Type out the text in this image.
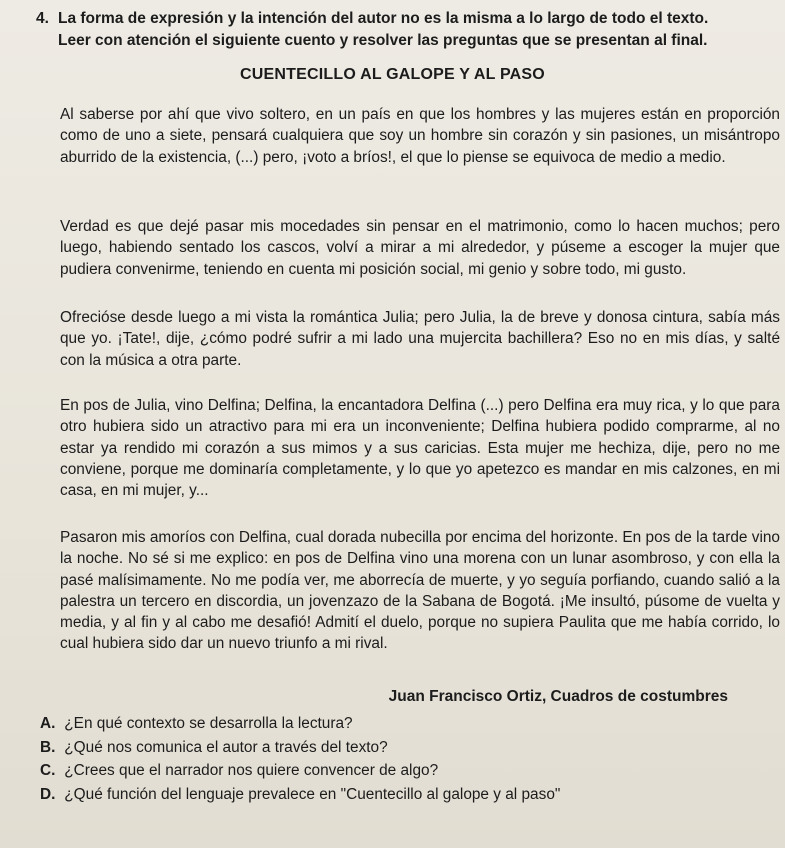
4. La forma de expresión y la intención del autor no es la misma a lo largo de todo el texto.
Leer con atención el siguiente cuento y resolver las preguntas que se presentan al final.
CUENTECILLO AL GALOPE Y AL PASO
Al saberse por ahí que vivo soltero, en un país en que los hombres y las mujeres están en proporción como de uno a siete, pensará cualquiera que soy un hombre sin corazón y sin pasiones, un misántropo aburrido de la existencia, (...) pero, ¡voto a bríos!, el que lo piense se equivoca de medio a medio.
Verdad es que dejé pasar mis mocedades sin pensar en el matrimonio, como lo hacen muchos; pero luego, habiendo sentado los cascos, volví a mirar a mi alrededor, y púseme a escoger la mujer que pudiera convenirme, teniendo en cuenta mi posición social, mi genio y sobre todo, mi gusto.
Ofrecióse desde luego a mi vista la romántica Julia; pero Julia, la de breve y donosa cintura, sabía más que yo. ¡Tate!, dije, ¿cómo podré sufrir a mi lado una mujercita bachillera? Eso no en mis días, y salté con la música a otra parte.
En pos de Julia, vino Delfina; Delfina, la encantadora Delfina (...) pero Delfina era muy rica, y lo que para otro hubiera sido un atractivo para mi era un inconveniente; Delfina hubiera podido comprarme, al no estar ya rendido mi corazón a sus mimos y a sus caricias. Esta mujer me hechiza, dije, pero no me conviene, porque me dominaría completamente, y lo que yo apetezco es mandar en mis calzones, en mi casa, en mi mujer, y...
Pasaron mis amoríos con Delfina, cual dorada nubecilla por encima del horizonte. En pos de la tarde vino la noche. No sé si me explico: en pos de Delfina vino una morena con un lunar asombroso, y con ella la pasé malísimamente. No me podía ver, me aborrecía de muerte, y yo seguía porfiando, cuando salió a la palestra un tercero en discordia, un jovenzazo de la Sabana de Bogotá. ¡Me insultó, púsome de vuelta y media, y al fin y al cabo me desafió! Admití el duelo, porque no supiera Paulita que me había corrido, lo cual hubiera sido dar un nuevo triunfo a mi rival.
Juan Francisco Ortiz, Cuadros de costumbres
A. ¿En qué contexto se desarrolla la lectura?
B. ¿Qué nos comunica el autor a través del texto?
C. ¿Crees que el narrador nos quiere convencer de algo?
D. ¿Qué función del lenguaje prevalece en "Cuentecillo al galope y al paso"
